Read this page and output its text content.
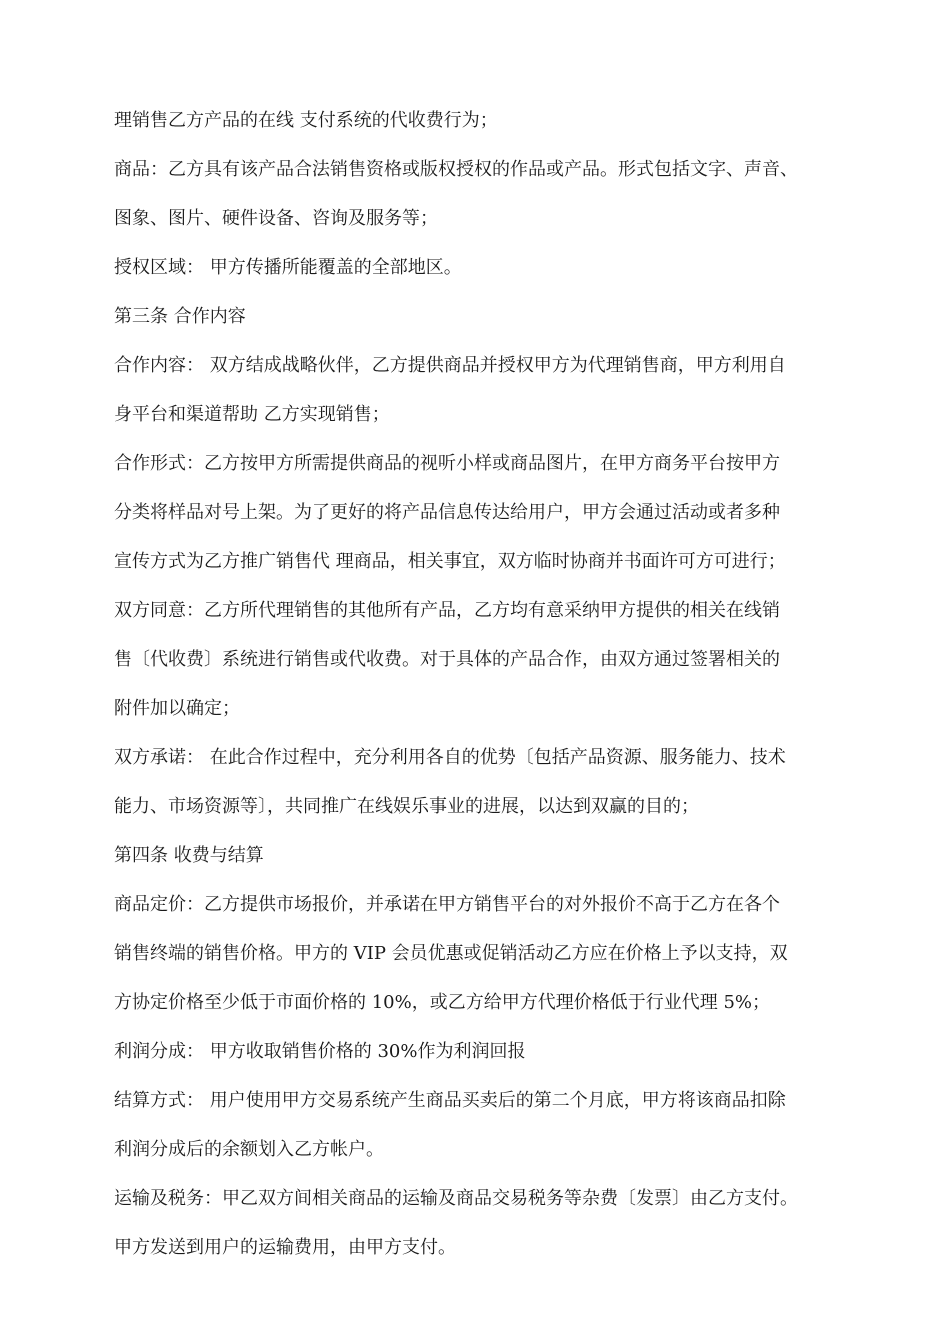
理销售乙方产品的在线 支付系统的代收费行为；
商品：乙方具有该产品合法销售资格或版权授权的作品或产品。形式包括文字、声音、
图象、图片、硬件设备、咨询及服务等；
授权区域： 甲方传播所能覆盖的全部地区。
第三条 合作内容
合作内容： 双方结成战略伙伴，乙方提供商品并授权甲方为代理销售商，甲方利用自
身平台和渠道帮助 乙方实现销售；
合作形式：乙方按甲方所需提供商品的视听小样或商品图片，在甲方商务平台按甲方
分类将样品对号上架。为了更好的将产品信息传达给用户，甲方会通过活动或者多种
宣传方式为乙方推广销售代 理商品，相关事宜，双方临时协商并书面许可方可进行；
双方同意：乙方所代理销售的其他所有产品，乙方均有意采纳甲方提供的相关在线销
售〔代收费〕系统进行销售或代收费。对于具体的产品合作，由双方通过签署相关的
附件加以确定；
双方承诺： 在此合作过程中，充分利用各自的优势〔包括产品资源、服务能力、技术
能力、市场资源等〕，共同推广在线娱乐事业的进展，以达到双赢的目的；
第四条 收费与结算
商品定价：乙方提供市场报价，并承诺在甲方销售平台的对外报价不高于乙方在各个
销售终端的销售价格。甲方的 VIP 会员优惠或促销活动乙方应在价格上予以支持，双
方协定价格至少低于市面价格的 10%，或乙方给甲方代理价格低于行业代理 5%；
利润分成： 甲方收取销售价格的 30%作为利润回报
结算方式： 用户使用甲方交易系统产生商品买卖后的第二个月底，甲方将该商品扣除
利润分成后的余额划入乙方帐户。
运输及税务：甲乙双方间相关商品的运输及商品交易税务等杂费〔发票〕由乙方支付。
甲方发送到用户的运输费用，由甲方支付。
